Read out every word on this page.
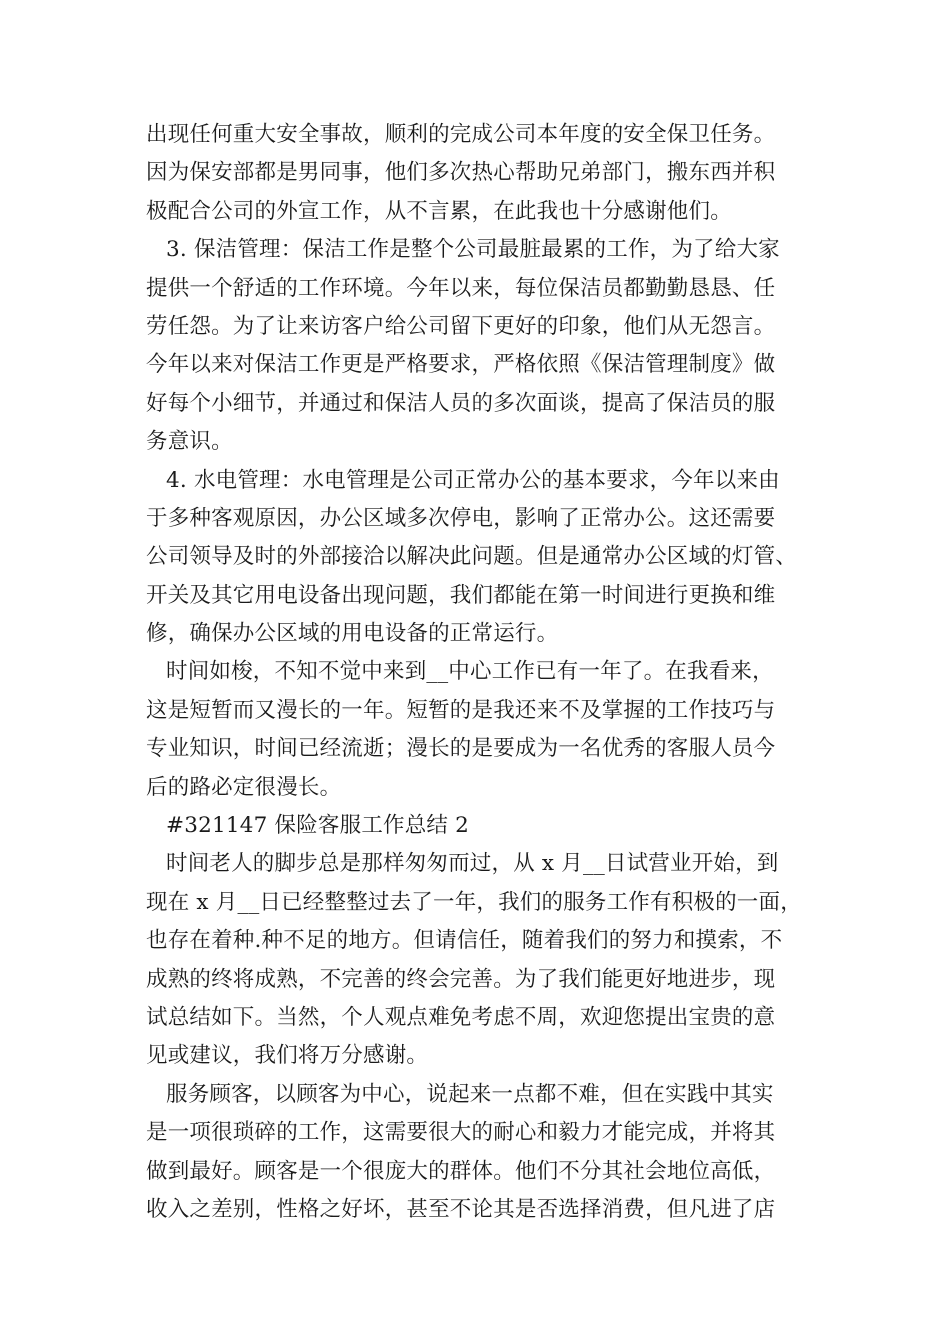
出现任何重大安全事故，顺利的完成公司本年度的安全保卫任务。
因为保安部都是男同事，他们多次热心帮助兄弟部门，搬东西并积
极配合公司的外宣工作，从不言累，在此我也十分感谢他们。
3. 保洁管理：保洁工作是整个公司最脏最累的工作，为了给大家
提供一个舒适的工作环境。今年以来，每位保洁员都勤勤恳恳、任
劳任怨。为了让来访客户给公司留下更好的印象，他们从无怨言。
今年以来对保洁工作更是严格要求，严格依照《保洁管理制度》做
好每个小细节，并通过和保洁人员的多次面谈，提高了保洁员的服
务意识。
4. 水电管理：水电管理是公司正常办公的基本要求，今年以来由
于多种客观原因，办公区域多次停电，影响了正常办公。这还需要
公司领导及时的外部接洽以解决此问题。但是通常办公区域的灯管、
开关及其它用电设备出现问题，我们都能在第一时间进行更换和维
修，确保办公区域的用电设备的正常运行。
时间如梭，不知不觉中来到__中心工作已有一年了。在我看来，
这是短暂而又漫长的一年。短暂的是我还来不及掌握的工作技巧与
专业知识，时间已经流逝；漫长的是要成为一名优秀的客服人员今
后的路必定很漫长。
#321147 保险客服工作总结 2
时间老人的脚步总是那样匆匆而过，从 x 月__日试营业开始，到
现在 x 月__日已经整整过去了一年，我们的服务工作有积极的一面，
也存在着种.种不足的地方。但请信任，随着我们的努力和摸索，不
成熟的终将成熟，不完善的终会完善。为了我们能更好地进步，现
试总结如下。当然，个人观点难免考虑不周，欢迎您提出宝贵的意
见或建议，我们将万分感谢。
服务顾客，以顾客为中心，说起来一点都不难，但在实践中其实
是一项很琐碎的工作，这需要很大的耐心和毅力才能完成，并将其
做到最好。顾客是一个很庞大的群体。他们不分其社会地位高低，
收入之差别，性格之好坏，甚至不论其是否选择消费，但凡进了店
